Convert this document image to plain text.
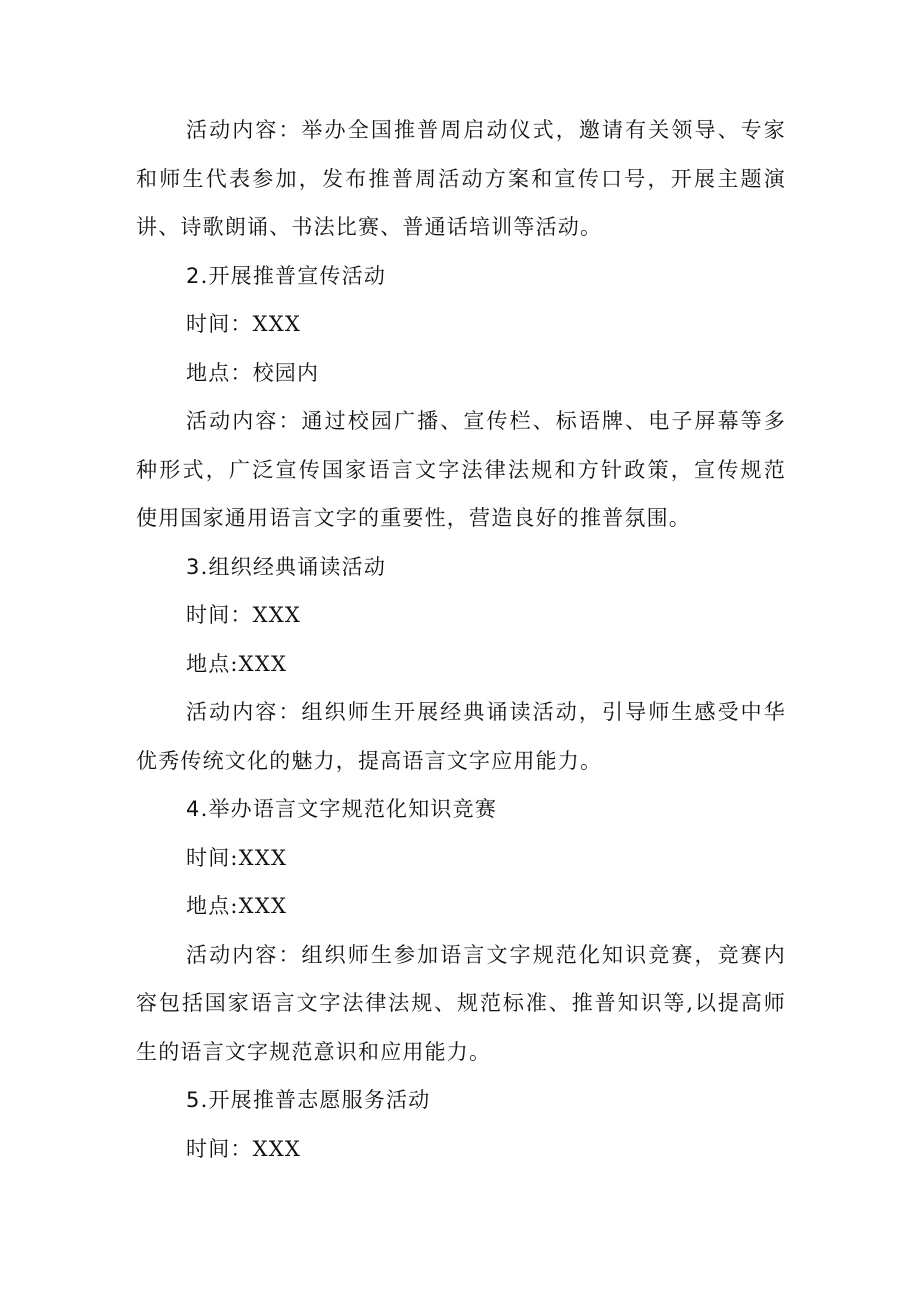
活动内容：举办全国推普周启动仪式，邀请有关领导、专家
和师生代表参加，发布推普周活动方案和宣传口号，开展主题演
讲、诗歌朗诵、书法比赛、普通话培训等活动。
2.开展推普宣传活动
时间：XXX
地点：校园内
活动内容：通过校园广播、宣传栏、标语牌、电子屏幕等多
种形式，广泛宣传国家语言文字法律法规和方针政策，宣传规范
使用国家通用语言文字的重要性，营造良好的推普氛围。
3.组织经典诵读活动
时间：XXX
地点:XXX
活动内容：组织师生开展经典诵读活动，引导师生感受中华
优秀传统文化的魅力，提高语言文字应用能力。
4.举办语言文字规范化知识竞赛
时间:XXX
地点:XXX
活动内容：组织师生参加语言文字规范化知识竞赛，竞赛内
容包括国家语言文字法律法规、规范标准、推普知识等,以提高师
生的语言文字规范意识和应用能力。
5.开展推普志愿服务活动
时间：XXX
